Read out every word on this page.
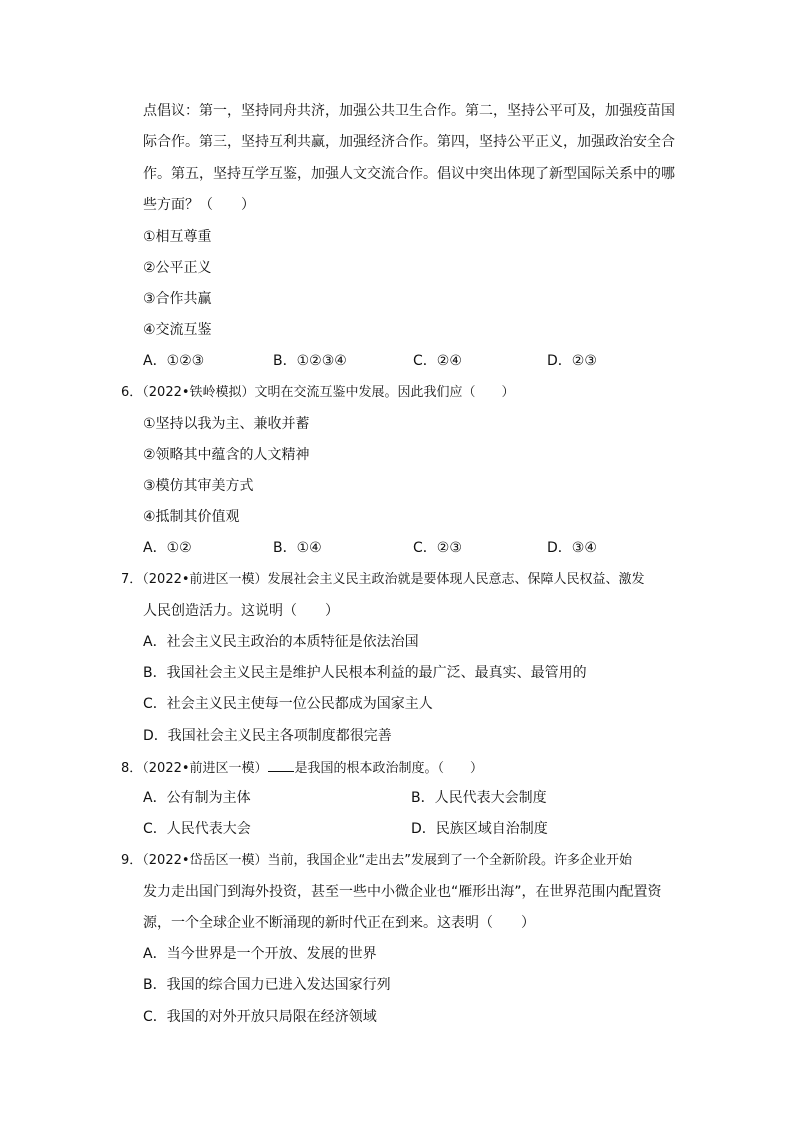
点倡议：第一，坚持同舟共济，加强公共卫生合作。第二，坚持公平可及，加强疫苗国
际合作。第三，坚持互利共赢，加强经济合作。第四，坚持公平正义，加强政治安全合
作。第五，坚持互学互鉴，加强人文交流合作。倡议中突出体现了新型国际关系中的哪
些方面？（　　）
①相互尊重
②公平正义
③合作共赢
④交流互鉴
A．①②③	B．①②③④	C．②④	D．②③
6．（2022•铁岭模拟）文明在交流互鉴中发展。因此我们应（　　）
①坚持以我为主、兼收并蓄
②领略其中蕴含的人文精神
③模仿其审美方式
④抵制其价值观
A．①②	B．①④	C．②③	D．③④
7．（2022•前进区一模）发展社会主义民主政治就是要体现人民意志、保障人民权益、激发
人民创造活力。这说明（　　）
A．社会主义民主政治的本质特征是依法治国
B．我国社会主义民主是维护人民根本利益的最广泛、最真实、最管用的
C．社会主义民主使每一位公民都成为国家主人
D．我国社会主义民主各项制度都很完善
8．（2022•前进区一模） 是我国的根本政治制度。（　　）
A．公有制为主体	B．人民代表大会制度
C．人民代表大会	D．民族区域自治制度
9．（2022•岱岳区一模）当前，我国企业“走出去”发展到了一个全新阶段。许多企业开始
发力走出国门到海外投资，甚至一些中小微企业也“雁形出海”，在世界范围内配置资
源，一个全球企业不断涌现的新时代正在到来。这表明（　　）
A．当今世界是一个开放、发展的世界
B．我国的综合国力已进入发达国家行列
C．我国的对外开放只局限在经济领域
